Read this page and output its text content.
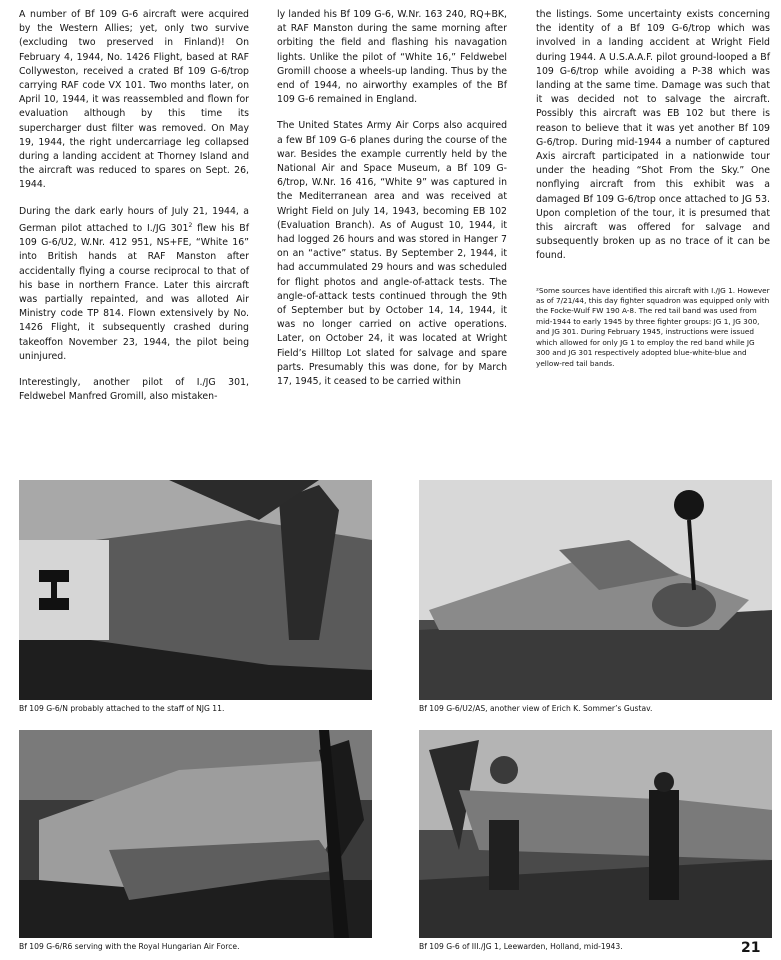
A number of Bf 109 G-6 aircraft were acquired by the Western Allies; yet, only two survive (excluding two preserved in Finland)! On February 4, 1944, No. 1426 Flight, based at RAF Collyweston, received a crated Bf 109 G-6/trop carrying RAF code VX 101. Two months later, on April 10, 1944, it was reassembled and flown for evaluation although by this time its supercharger dust filter was removed. On May 19, 1944, the right undercarriage leg collapsed during a landing accident at Thorney Island and the aircraft was reduced to spares on Sept. 26, 1944.

During the dark early hours of July 21, 1944, a German pilot attached to I./JG $301^2$ flew his Bf 109 G-6/U2, W.Nr. 412 951, NS+FE, “White 16” into British hands at RAF Manston after accidentally flying a course reciprocal to that of his base in northern France. Later this aircraft was partially repainted, and was alloted Air Ministry code TP 814. Flown extensively by No. 1426 Flight, it subsequently crashed during takeoffon November 23, 1944, the pilot being uninjured.

Interestingly, another pilot of I./JG 301, Feldwebel Manfred Gromill, also mistaken-

ly landed his Bf 109 G-6, W.Nr. 163 240, RQ+BK, at RAF Manston during the same morning after orbiting the field and flashing his navagation lights. Unlike the pilot of “White 16,” Feldwebel Gromill choose a wheels-up landing. Thus by the end of 1944, no airworthy examples of the Bf 109 G-6 remained in England.

The United States Army Air Corps also acquired a few Bf 109 G-6 planes during the course of the war. Besides the example currently held by the National Air and Space Museum, a Bf 109 G-6/trop, W.Nr. 16 416, “White 9” was captured in the Mediterranean area and was received at Wright Field on July 14, 1943, becoming EB 102 (Evaluation Branch). As of August 10, 1944, it had logged 26 hours and was stored in Hanger 7 on an “active” status. By September 2, 1944, it had accummulated 29 hours and was scheduled for flight photos and angle-of-attack tests. The angle-of-attack tests continued through the 9th of September but by October 14, 14, 1944, it was no longer carried on active operations. Later, on October 24, it was located at Wright Field’s Hilltop Lot slated for salvage and spare parts. Presumably this was done, for by March 17, 1945, it ceased to be carried within

the listings. Some uncertainty exists concerning the identity of a Bf 109 G-6/trop which was involved in a landing accident at Wright Field during 1944. A U.S.A.A.F. pilot ground-looped a Bf 109 G-6/trop while avoiding a P-38 which was landing at the same time. Damage was such that it was decided not to salvage the aircraft. Possibly this aircraft was EB 102 but there is reason to believe that it was yet another Bf 109 G-6/trop. During mid-1944 a number of captured Axis aircraft participated in a nationwide tour under the heading “Shot From the Sky.” One nonflying aircraft from this exhibit was a damaged Bf 109 G-6/trop once attached to JG 53. Upon completion of the tour, it is presumed that this aircraft was offered for salvage and subsequently broken up as no trace of it can be found.

²Some sources have identified this aircraft with I./JG 1. However as of 7/21/44, this day fighter squadron was equipped only with the Focke-Wulf FW 190 A-8. The red tail band was used from mid-1944 to early 1945 by three fighter groups: JG 1, JG 300, and JG 301. During February 1945, instructions were issued which allowed for only JG 1 to employ the red band while JG 300 and JG 301 respectively adopted blue-white-blue and yellow-red tail bands.

Bf 109 G-6/N probably attached to the staff of NJG 11.	Bf 109 G-6/U2/AS, another view of Erich K. Sommer’s Gustav.
Bf 109 G-6/R6 serving with the Royal Hungarian Air Force.	Bf 109 G-6 of III./JG 1, Leewarden, Holland, mid-1943.	21
